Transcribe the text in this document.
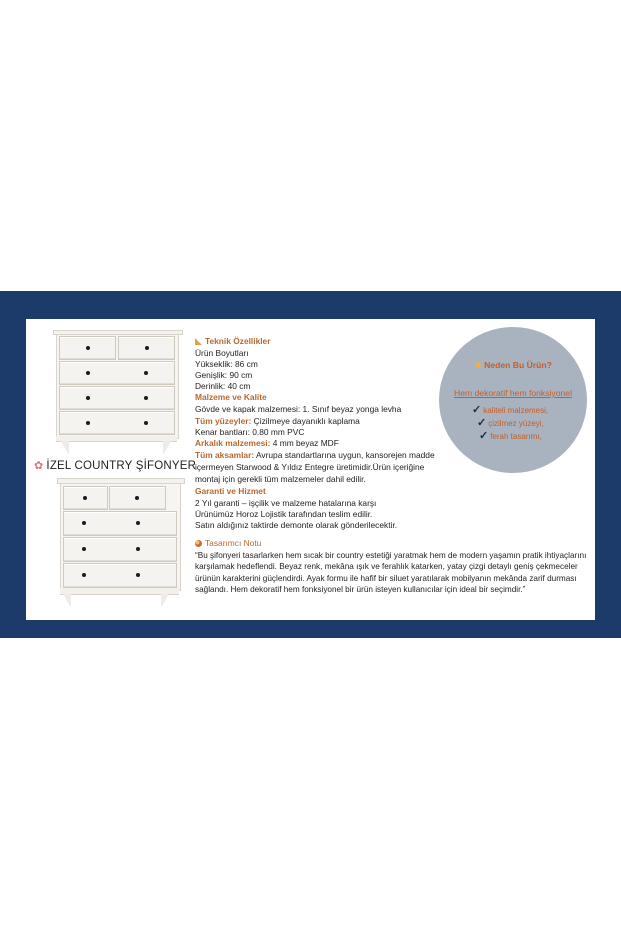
✿ İZEL COUNTRY ŞİFONYER
Teknik Özellikler
Ürün Boyutları
Yükseklik: 86 cm
Genişlik: 90 cm
Derinlik: 40 cm
Malzeme ve Kalite
Gövde ve kapak malzemesi: 1. Sınıf beyaz yonga levha
Tüm yüzeyler: Çizilmeye dayanıklı kaplama
Kenar bantları: 0.80 mm PVC
Arkalık malzemesi: 4 mm beyaz MDF
Tüm aksamlar: Avrupa standartlarına uygun, kansorejen madde
içermeyen Starwood & Yıldız Entegre üretimidir.Ürün içeriğine
montaj için gerekli tüm malzemeler dahil edilir.
Garanti ve Hizmet
2 Yıl garanti – işçilik ve malzeme hatalarına karşı
Ürünümüz Horoz Lojistik tarafından teslim edilir.
Satın aldığınız taktirde demonte olarak gönderilecektir.
Tasarımcı Notu
“Bu şifonyeri tasarlarken hem sıcak bir country estetiği yaratmak hem de modern yaşamın pratik ihtiyaçlarını karşılamak hedeflendi. Beyaz renk, mekâna ışık ve ferahlık katarken, yatay çizgi detaylı geniş çekmeceler ürünün karakterini güçlendirdi. Ayak formu ile hafif bir siluet yaratılarak mobilyanın mekânda zarif durması sağlandı. Hem dekoratif hem fonksiyonel bir ürün isteyen kullanıcılar için ideal bir seçimdir.”
★ Neden Bu Ürün?
Hem dekoratif hem fonksiyonel
✓ kaliteli malzemesi,
✓ çizilmez yüzeyi,
✓ ferah tasarımı,
